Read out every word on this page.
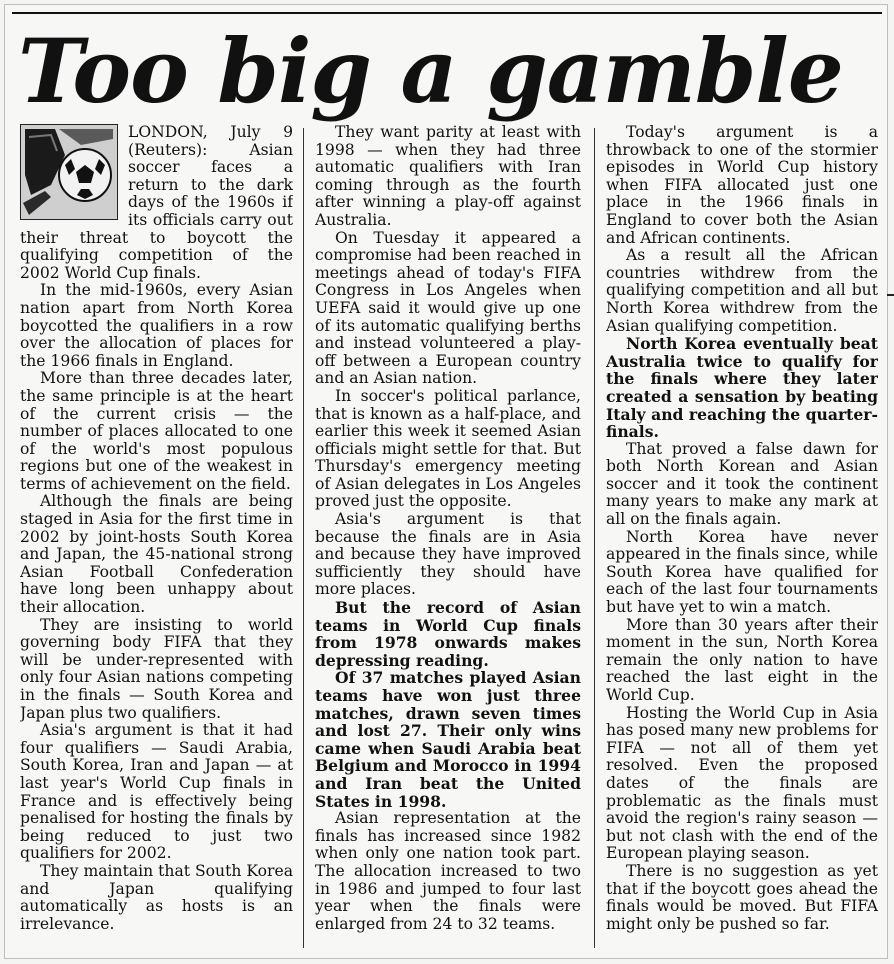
Too big a gamble

LONDON, July 9 (Reuters): Asian soccer faces a return to the dark days of the 1960s if its officials carry out their threat to boycott the qualifying competition of the 2002 World Cup finals.

In the mid-1960s, every Asian nation apart from North Korea boycotted the qualifiers in a row over the allocation of places for the 1966 finals in England.

More than three decades later, the same principle is at the heart of the current crisis — the number of places allocated to one of the world's most populous regions but one of the weakest in terms of achievement on the field.

Although the finals are being staged in Asia for the first time in 2002 by joint-hosts South Korea and Japan, the 45-national strong Asian Football Confederation have long been unhappy about their allocation.

They are insisting to world governing body FIFA that they will be under-represented with only four Asian nations competing in the finals — South Korea and Japan plus two qualifiers.

Asia's argument is that it had four qualifiers — Saudi Arabia, South Korea, Iran and Japan — at last year's World Cup finals in France and is effectively being penalised for hosting the finals by being reduced to just two qualifiers for 2002.

They maintain that South Korea and Japan qualifying automatically as hosts is an irrelevance.

They want parity at least with 1998 — when they had three automatic qualifiers with Iran coming through as the fourth after winning a play-off against Australia.

On Tuesday it appeared a compromise had been reached in meetings ahead of today's FIFA Congress in Los Angeles when UEFA said it would give up one of its automatic qualifying berths and instead volunteered a play-off between a European country and an Asian nation.

In soccer's political parlance, that is known as a half-place, and earlier this week it seemed Asian officials might settle for that. But Thursday's emergency meeting of Asian delegates in Los Angeles proved just the opposite.

Asia's argument is that because the finals are in Asia and because they have improved sufficiently they should have more places.

But the record of Asian teams in World Cup finals from 1978 onwards makes depressing reading.

Of 37 matches played Asian teams have won just three matches, drawn seven times and lost 27. Their only wins came when Saudi Arabia beat Belgium and Morocco in 1994 and Iran beat the United States in 1998.

Asian representation at the finals has increased since 1982 when only one nation took part. The allocation increased to two in 1986 and jumped to four last year when the finals were enlarged from 24 to 32 teams.

Today's argument is a throwback to one of the stormier episodes in World Cup history when FIFA allocated just one place in the 1966 finals in England to cover both the Asian and African continents.

As a result all the African countries withdrew from the qualifying competition and all but North Korea withdrew from the Asian qualifying competition.

North Korea eventually beat Australia twice to qualify for the finals where they later created a sensation by beating Italy and reaching the quarter-finals.

That proved a false dawn for both North Korean and Asian soccer and it took the continent many years to make any mark at all on the finals again.

North Korea have never appeared in the finals since, while South Korea have qualified for each of the last four tournaments but have yet to win a match.

More than 30 years after their moment in the sun, North Korea remain the only nation to have reached the last eight in the World Cup.

Hosting the World Cup in Asia has posed many new problems for FIFA — not all of them yet resolved. Even the proposed dates of the finals are problematic as the finals must avoid the region's rainy season — but not clash with the end of the European playing season.

There is no suggestion as yet that if the boycott goes ahead the finals would be moved. But FIFA might only be pushed so far.
